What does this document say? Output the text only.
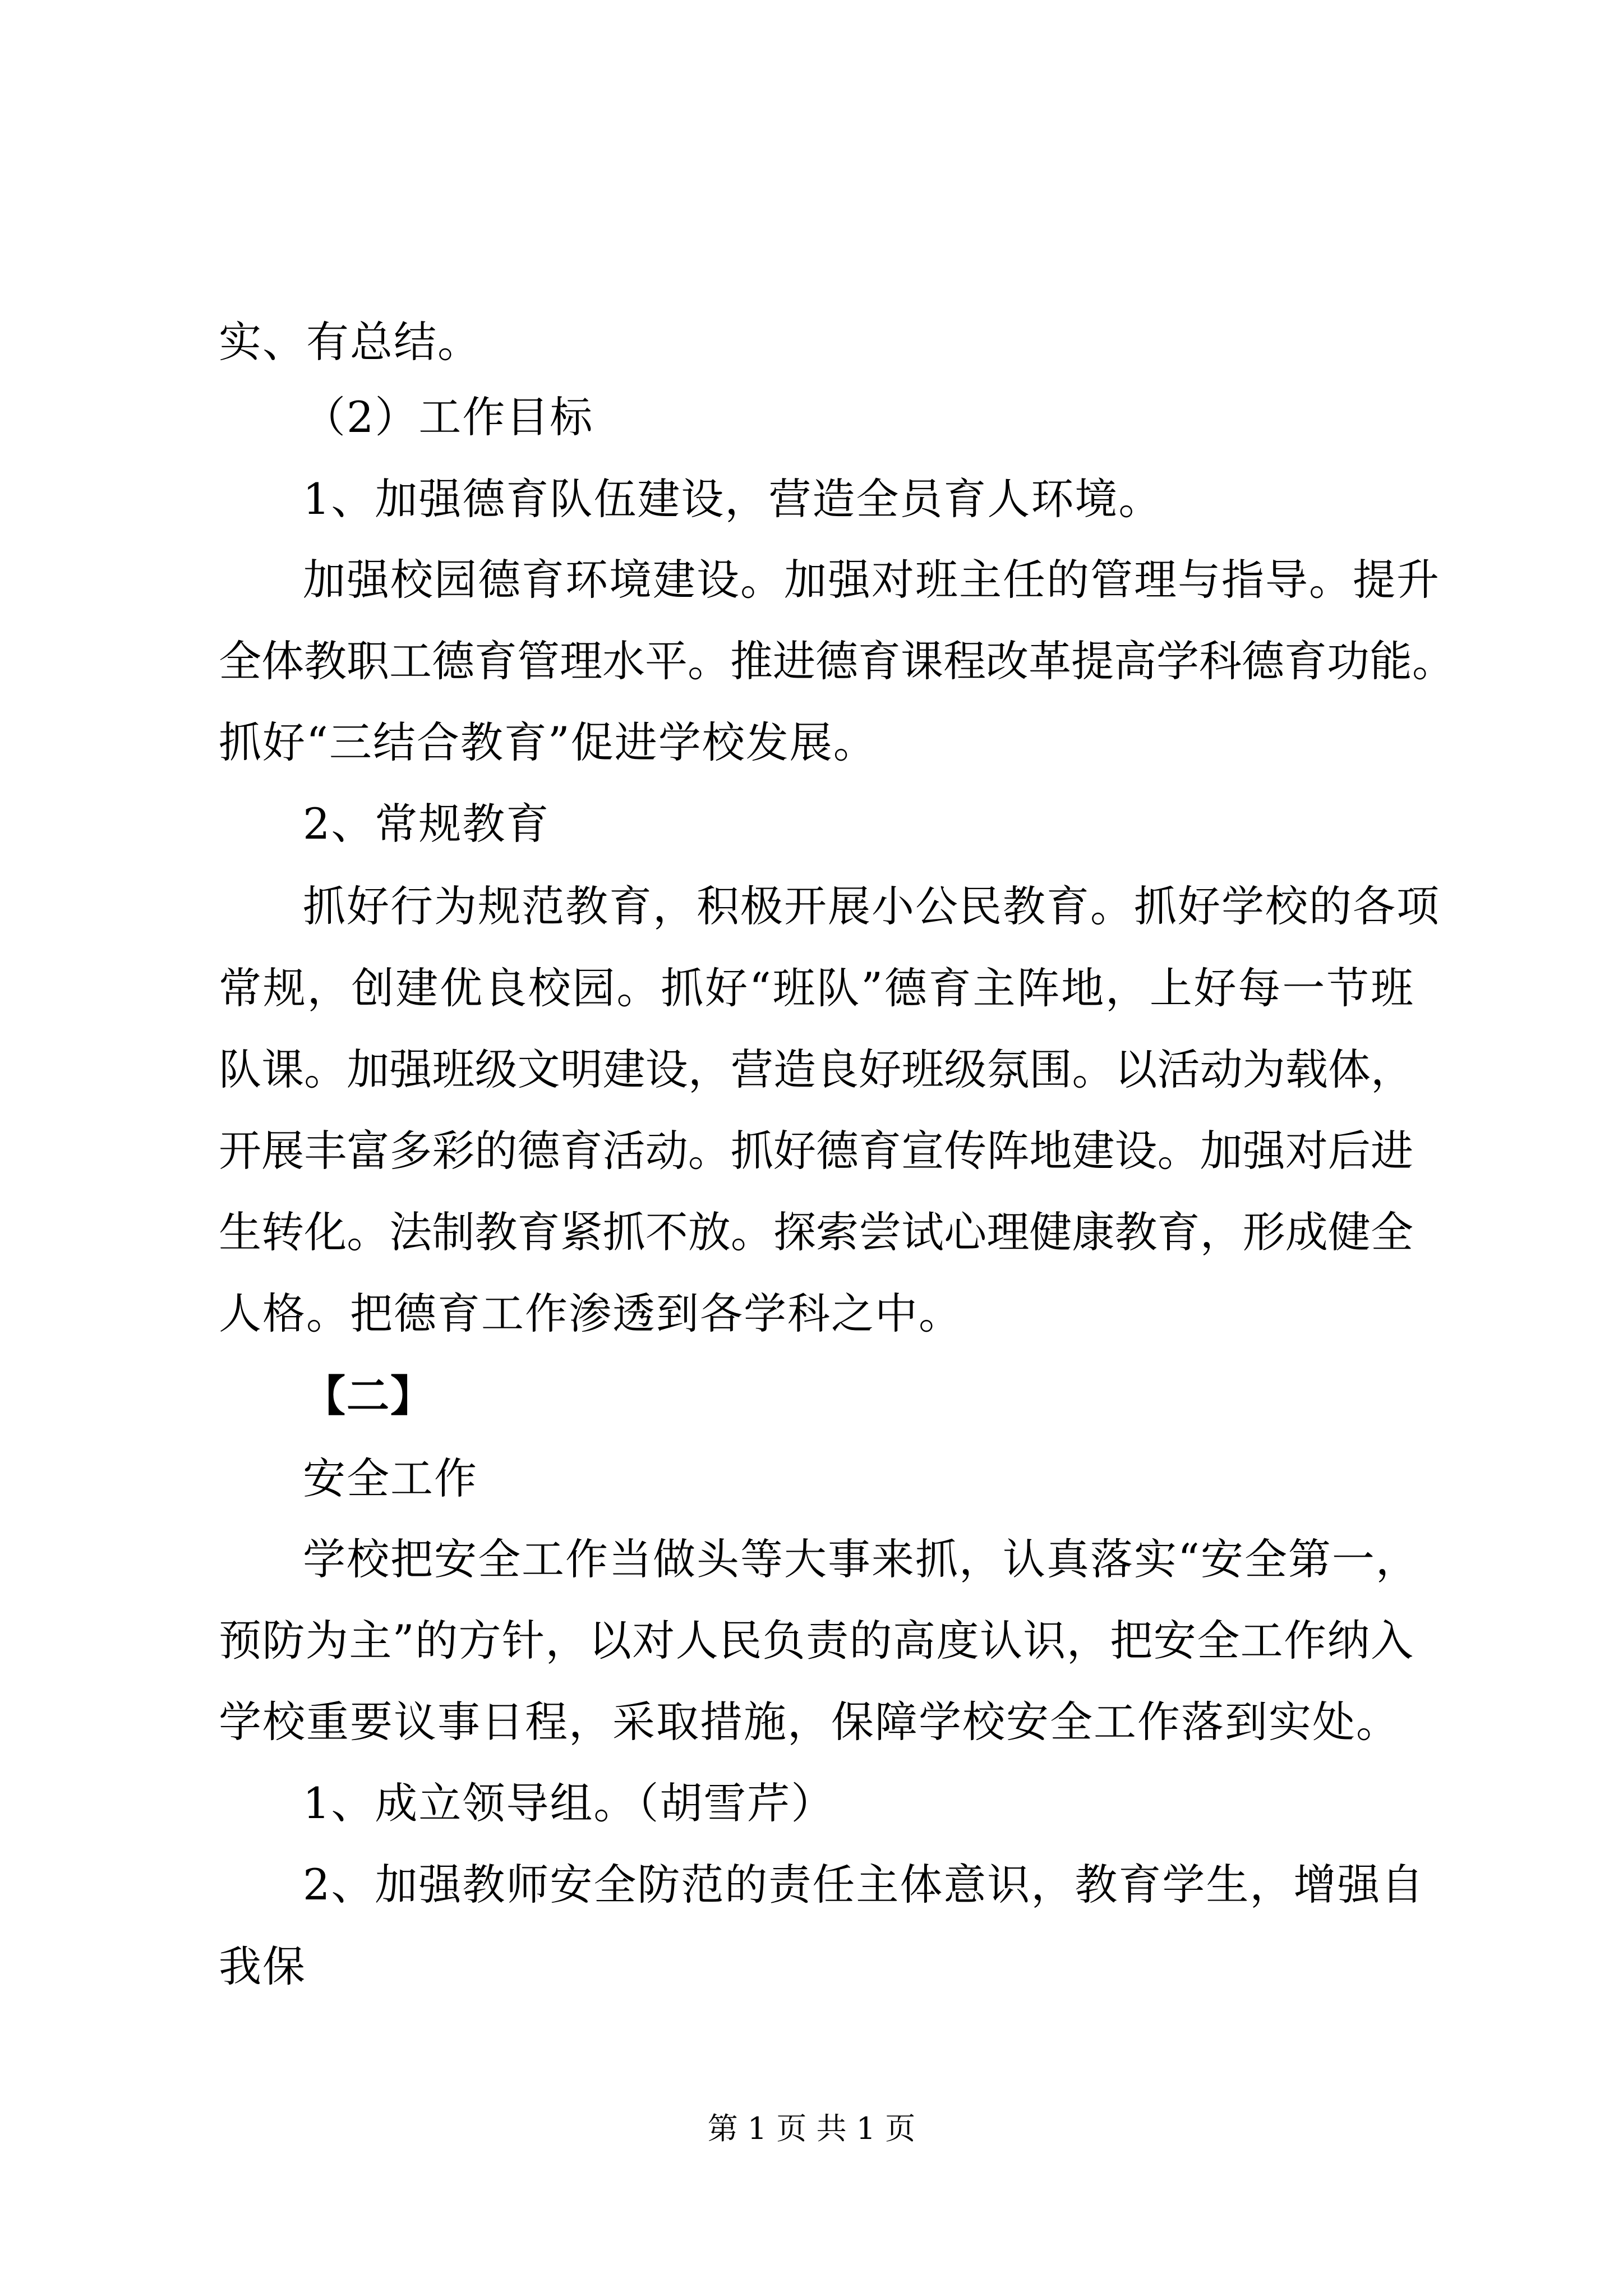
实、有总结。
（2）工作目标
1、加强德育队伍建设，营造全员育人环境。
加强校园德育环境建设。加强对班主任的管理与指导。提升
全体教职工德育管理水平。推进德育课程改革提高学科德育功能。
抓好“三结合教育”促进学校发展。
2、常规教育
抓好行为规范教育，积极开展小公民教育。抓好学校的各项
常规，创建优良校园。抓好“班队”德育主阵地，上好每一节班
队课。加强班级文明建设，营造良好班级氛围。以活动为载体，
开展丰富多彩的德育活动。抓好德育宣传阵地建设。加强对后进
生转化。法制教育紧抓不放。探索尝试心理健康教育，形成健全
人格。把德育工作渗透到各学科之中。
【二】
安全工作
学校把安全工作当做头等大事来抓，认真落实“安全第一，
预防为主”的方针，以对人民负责的高度认识，把安全工作纳入
学校重要议事日程，采取措施，保障学校安全工作落到实处。
1、成立领导组。（胡雪芹）
2、加强教师安全防范的责任主体意识，教育学生，增强自
我保
第 1 页 共 1 页
